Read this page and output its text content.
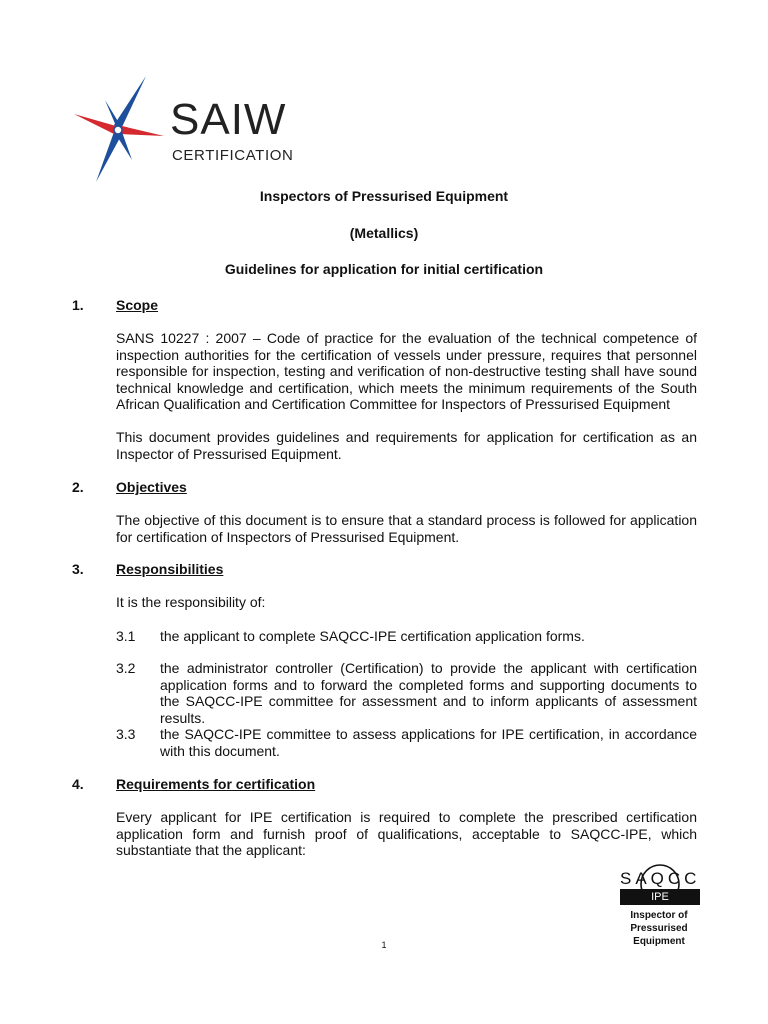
SAIW
CERTIFICATION
Inspectors of Pressurised Equipment
(Metallics)
Guidelines for application for initial certification
1. Scope
SANS 10227 : 2007 – Code of practice for the evaluation of the technical competence of inspection authorities for the certification of vessels under pressure, requires that personnel responsible for inspection, testing and verification of non-destructive testing shall have sound technical knowledge and certification, which meets the minimum requirements of the South African Qualification and Certification Committee for Inspectors of Pressurised Equipment
This document provides guidelines and requirements for application for certification as an Inspector of Pressurised Equipment.
2. Objectives
The objective of this document is to ensure that a standard process is followed for application for certification of Inspectors of Pressurised Equipment.
3. Responsibilities
It is the responsibility of:
3.1 the applicant to complete SAQCC-IPE certification application forms.
3.2 the administrator controller (Certification) to provide the applicant with certification application forms and to forward the completed forms and supporting documents to the SAQCC-IPE committee for assessment and to inform applicants of assessment results.
3.3 the SAQCC-IPE committee to assess applications for IPE certification, in accordance with this document.
4. Requirements for certification
Every applicant for IPE certification is required to complete the prescribed certification application form and furnish proof of qualifications, acceptable to SAQCC-IPE, which substantiate that the applicant:
1
SAQCC
IPE
Inspector of
Pressurised
Equipment
